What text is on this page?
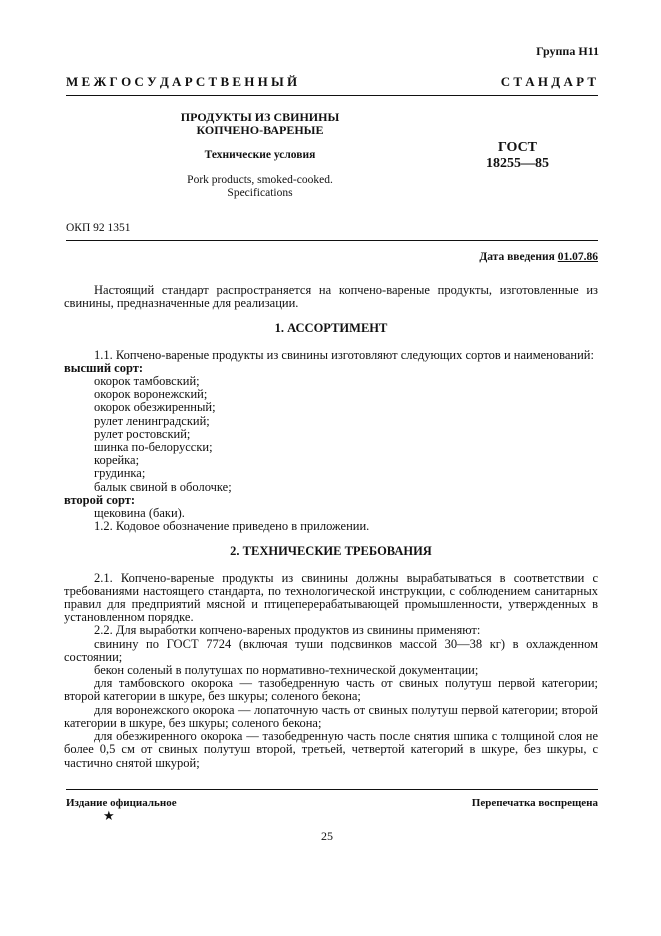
Группа Н11
М Е Ж Г О С У Д А Р С Т В Е Н Н Ы Й	С Т А Н Д А Р Т
ПРОДУКТЫ ИЗ СВИНИНЫ
КОПЧЕНО-ВАРЕНЫЕ
Технические условия
Pork products, smoked-cooked.
Specifications
ГОСТ
18255—85
ОКП 92 1351
Дата введения 01.07.86

Настоящий стандарт распространяется на копчено-вареные продукты, изготовленные из свинины, предназначенные для реализации.

1. АССОРТИМЕНТ

1.1. Копчено-вареные продукты из свинины изготовляют следующих сортов и наименований:

высший сорт:

окорок тамбовский;

окорок воронежский;

окорок обезжиренный;

рулет ленинградский;

рулет ростовский;

шинка по-белорусски;

корейка;

грудинка;

балык свиной в оболочке;

второй сорт:

щековина (баки).

1.2. Кодовое обозначение приведено в приложении.

2. ТЕХНИЧЕСКИЕ ТРЕБОВАНИЯ

2.1. Копчено-вареные продукты из свинины должны вырабатываться в соответствии с требованиями настоящего стандарта, по технологической инструкции, с соблюдением санитарных правил для предприятий мясной и птицеперерабатывающей промышленности, утвержденных в установленном порядке.

2.2. Для выработки копчено-вареных продуктов из свинины применяют:

свинину по ГОСТ 7724 (включая туши подсвинков массой 30—38 кг) в охлажденном состоянии;

бекон соленый в полутушах по нормативно-технической документации;

для тамбовского окорока — тазобедренную часть от свиных полутуш первой категории; второй категории в шкуре, без шкуры; соленого бекона;

для воронежского окорока — лопаточную часть от свиных полутуш первой категории; второй категории в шкуре, без шкуры; соленого бекона;

для обезжиренного окорока — тазобедренную часть после снятия шпика с толщиной слоя не более 0,5 см от свиных полутуш второй, третьей, четвертой категорий в шкуре, без шкуры, с частично снятой шкурой;

Издание официальное
★
Перепечатка воспрещена
25
